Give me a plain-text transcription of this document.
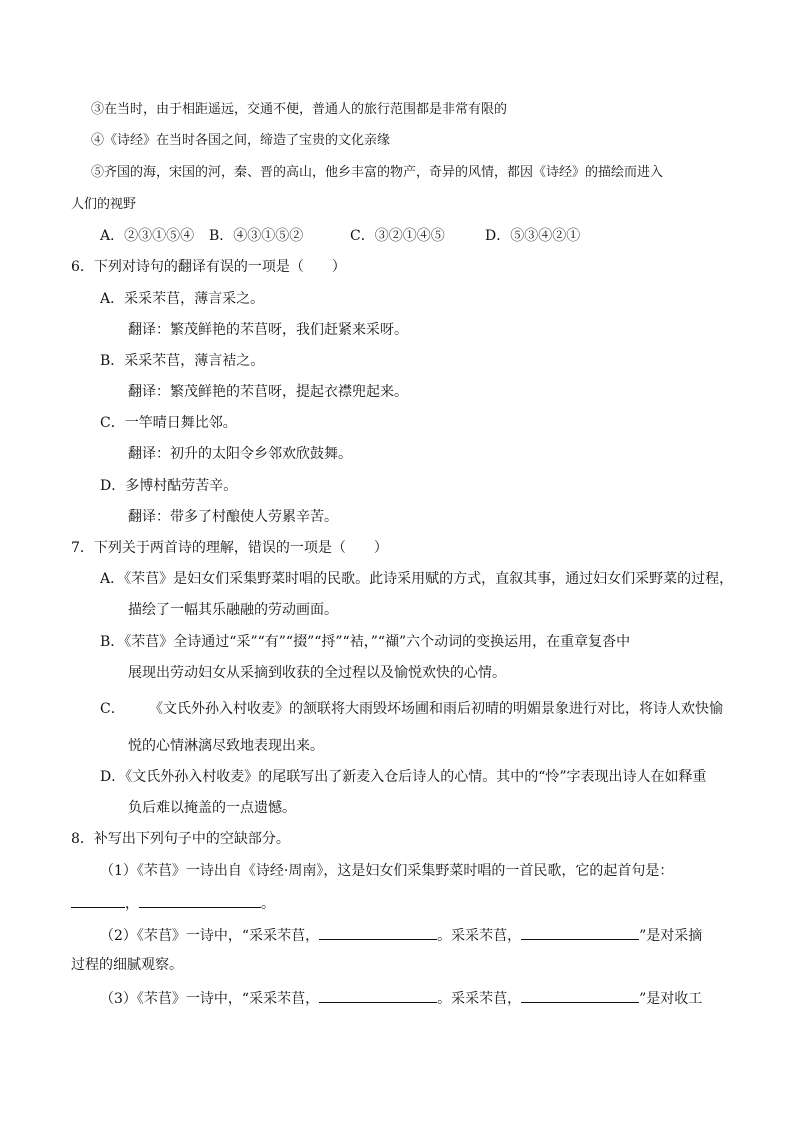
③在当时，由于相距遥远，交通不便，普通人的旅行范围都是非常有限的
④《诗经》在当时各国之间，缔造了宝贵的文化亲缘
⑤齐国的海，宋国的河，秦、晋的高山，他乡丰富的物产，奇异的风情，都因《诗经》的描绘而进入
人们的视野
A．②③①⑤④ B．④③①⑤②	C．③②①④⑤	D．⑤③④②①
6．下列对诗句的翻译有误的一项是（　　）
A．采采芣苢，薄言采之。
翻译：繁茂鲜艳的芣苢呀，我们赶紧来采呀。
B．采采芣苢，薄言袺之。
翻译：繁茂鲜艳的芣苢呀，提起衣襟兜起来。
C．一竿晴日舞比邻。
翻译：初升的太阳令乡邻欢欣鼓舞。
D．多博村酤劳苦辛。
翻译：带多了村酿使人劳累辛苦。
7．下列关于两首诗的理解，错误的一项是（　　）
A．《芣苢》是妇女们采集野菜时唱的民歌。此诗采用赋的方式，直叙其事，通过妇女们采野菜的过程，
描绘了一幅其乐融融的劳动画面。
B．《芣苢》全诗通过“采”“有”“掇”“捋”“袺，”“襭”六个动词的变换运用，在重章复沓中
展现出劳动妇女从采摘到收获的全过程以及愉悦欢快的心情。
C． 《文氏外孙入村收麦》的颔联将大雨毁坏场圃和雨后初晴的明媚景象进行对比，将诗人欢快愉
悦的心情淋漓尽致地表现出来。
D．《文氏外孙入村收麦》的尾联写出了新麦入仓后诗人的心情。其中的“怜”字表现出诗人在如释重
负后难以掩盖的一点遗憾。
8．补写出下列句子中的空缺部分。
（1）《芣苢》一诗出自《诗经·周南》，这是妇女们采集野菜时唱的一首民歌，它的起首句是：
，	。
（2）《芣苢》一诗中，“采采芣苢，	。采采芣苢，	”是对采摘
过程的细腻观察。
（3）《芣苢》一诗中，“采采芣苢，	。采采芣苢，	”是对收工
